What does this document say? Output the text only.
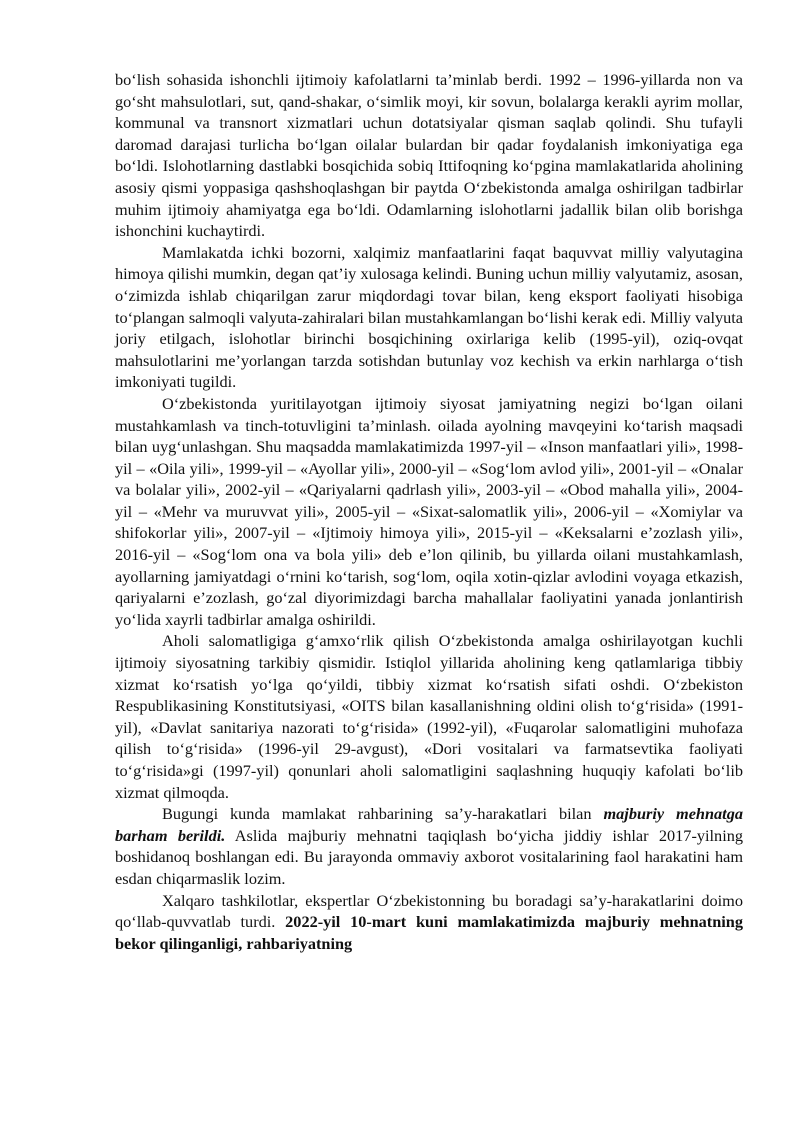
bo‘lish sohasida ishonchli ijtimoiy kafolatlarni ta’minlab berdi. 1992 – 1996-yillarda non va go‘sht mahsulotlari, sut, qand-shakar, o‘simlik moyi, kir sovun, bolalarga kerakli ayrim mollar, kommunal va transnort xizmatlari uchun dotatsiyalar qisman saqlab qolindi. Shu tufayli daromad darajasi turlicha bo‘lgan oilalar bulardan bir qadar foydalanish imkoniyatiga ega bo‘ldi. Islohotlarning dastlabki bosqichida sobiq Ittifoqning ko‘pgina mamlakatlarida aholining asosiy qismi yoppasiga qashshoqlashgan bir paytda O‘zbekistonda amalga oshirilgan tadbirlar muhim ijtimoiy ahamiyatga ega bo‘ldi. Odamlarning islohotlarni jadallik bilan olib borishga ishonchini kuchaytirdi.

Mamlakatda ichki bozorni, xalqimiz manfaatlarini faqat baquvvat milliy valyutagina himoya qilishi mumkin, degan qat’iy xulosaga kelindi. Buning uchun milliy valyutamiz, asosan, o‘zimizda ishlab chiqarilgan zarur miqdordagi tovar bilan, keng eksport faoliyati hisobiga to‘plangan salmoqli valyuta-zahiralari bilan mustahkamlangan bo‘lishi kerak edi. Milliy valyuta joriy etilgach, islohotlar birinchi bosqichining oxirlariga kelib (1995-yil), oziq-ovqat mahsulotlarini me’yorlangan tarzda sotishdan butunlay voz kechish va erkin narhlarga o‘tish imkoniyati tugildi.

O‘zbekistonda yuritilayotgan ijtimoiy siyosat jamiyatning negizi bo‘lgan oilani mustahkamlash va tinch-totuvligini ta’minlash. oilada ayolning mavqeyini ko‘tarish maqsadi bilan uyg‘unlashgan. Shu maqsadda mamlakatimizda 1997-yil – «Inson manfaatlari yili», 1998-yil – «Oila yili», 1999-yil – «Ayollar yili», 2000-yil – «Sog‘lom avlod yili», 2001-yil – «Onalar va bolalar yili», 2002-yil – «Qariyalarni qadrlash yili», 2003-yil – «Obod mahalla yili», 2004-yil – «Mehr va muruvvat yili», 2005-yil – «Sixat-salomatlik yili», 2006-yil – «Xomiylar va shifokorlar yili», 2007-yil – «Ijtimoiy himoya yili», 2015-yil – «Keksalarni e’zozlash yili», 2016-yil – «Sog‘lom ona va bola yili» deb e’lon qilinib, bu yillarda oilani mustahkamlash, ayollarning jamiyatdagi o‘rnini ko‘tarish, sog‘lom, oqila xotin-qizlar avlodini voyaga etkazish, qariyalarni e’zozlash, go‘zal diyorimizdagi barcha mahallalar faoliyatini yanada jonlantirish yo‘lida xayrli tadbirlar amalga oshirildi.

Aholi salomatligiga g‘amxo‘rlik qilish O‘zbekistonda amalga oshirilayotgan kuchli ijtimoiy siyosatning tarkibiy qismidir. Istiqlol yillarida aholining keng qatlamlariga tibbiy xizmat ko‘rsatish yo‘lga qo‘yildi, tibbiy xizmat ko‘rsatish sifati oshdi. O‘zbekiston Respublikasining Konstitutsiyasi, «OITS bilan kasallanishning oldini olish to‘g‘risida» (1991-yil), «Davlat sanitariya nazorati to‘g‘risida» (1992-yil), «Fuqarolar salomatligini muhofaza qilish to‘g‘risida» (1996-yil 29-avgust), «Dori vositalari va farmatsevtika faoliyati to‘g‘risida»gi (1997-yil) qonunlari aholi salomatligini saqlashning huquqiy kafolati bo‘lib xizmat qilmoqda.

Bugungi kunda mamlakat rahbarining sa’y-harakatlari bilan majburiy mehnatga barham berildi. Aslida majburiy mehnatni taqiqlash bo‘yicha jiddiy ishlar 2017-yilning boshidanoq boshlangan edi. Bu jarayonda ommaviy axborot vositalarining faol harakatini ham esdan chiqarmaslik lozim.

Xalqaro tashkilotlar, ekspertlar O‘zbekistonning bu boradagi sa’y-harakatlarini doimo qo‘llab-quvvatlab turdi. 2022-yil 10-mart kuni mamlakatimizda majburiy mehnatning bekor qilinganligi, rahbariyatning
